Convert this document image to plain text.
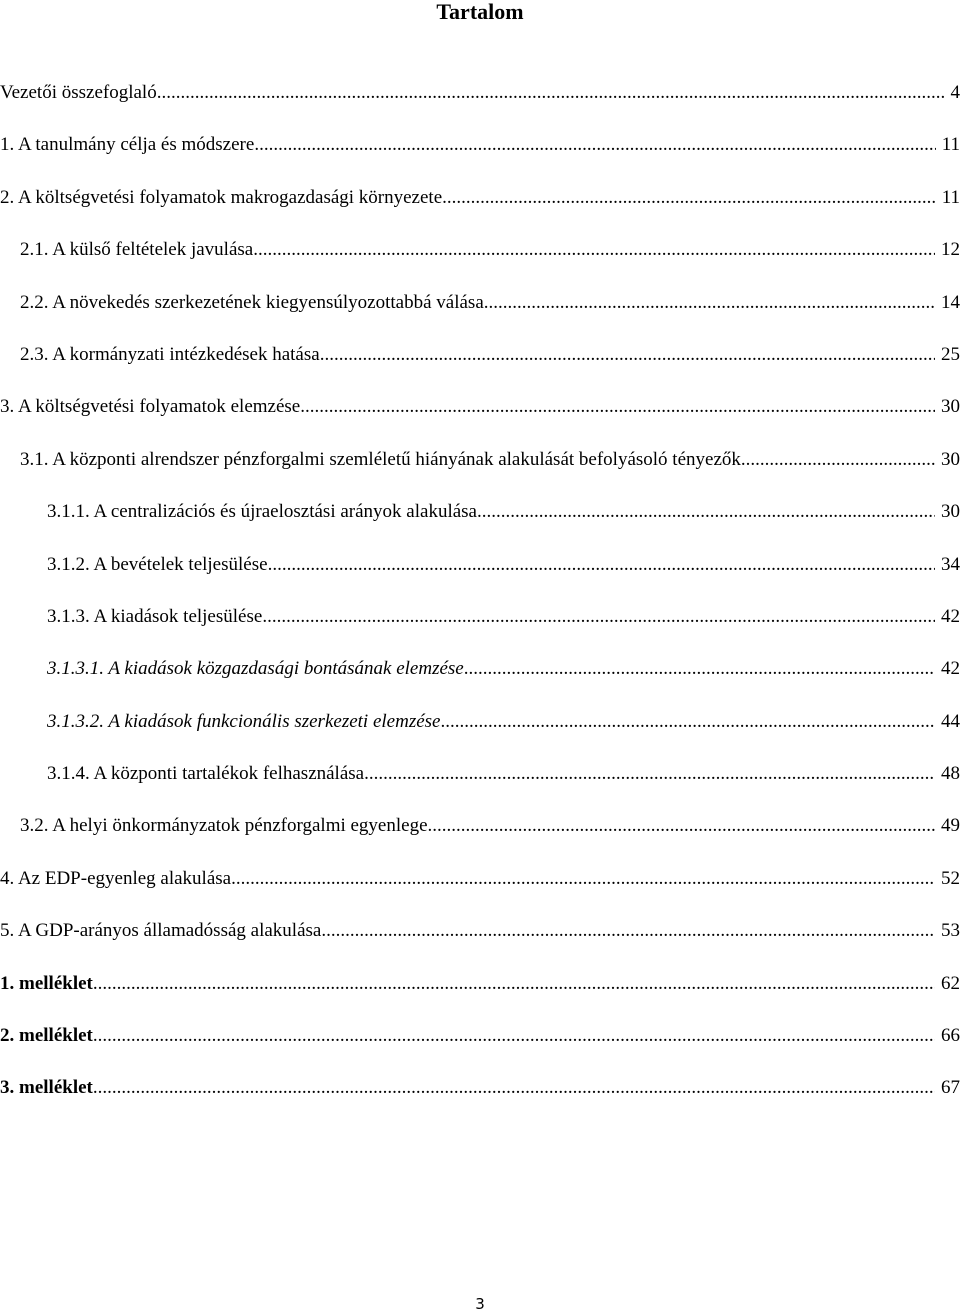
Tartalom
Vezetői összefoglaló .....	4
1. A tanulmány célja és módszere .....	11
2. A költségvetési folyamatok makrogazdasági környezete .....	11
2.1. A külső feltételek javulása .....	12
2.2. A növekedés szerkezetének kiegyensúlyozottabbá válása .....	14
2.3. A kormányzati intézkedések hatása .....	25
3. A költségvetési folyamatok elemzése .....	30
3.1. A központi alrendszer pénzforgalmi szemléletű hiányának alakulását befolyásoló tényezők .....	30
3.1.1. A centralizációs és újraelosztási arányok alakulása .....	30
3.1.2. A bevételek teljesülése .....	34
3.1.3. A kiadások teljesülése .....	42
3.1.3.1. A kiadások közgazdasági bontásának elemzése .....	42
3.1.3.2. A kiadások funkcionális szerkezeti elemzése .....	44
3.1.4. A központi tartalékok felhasználása .....	48
3.2. A helyi önkormányzatok pénzforgalmi egyenlege .....	49
4. Az EDP-egyenleg alakulása .....	52
5. A GDP-arányos államadósság alakulása .....	53
1. melléklet .....	62
2. melléklet .....	66
3. melléklet .....	67
3
